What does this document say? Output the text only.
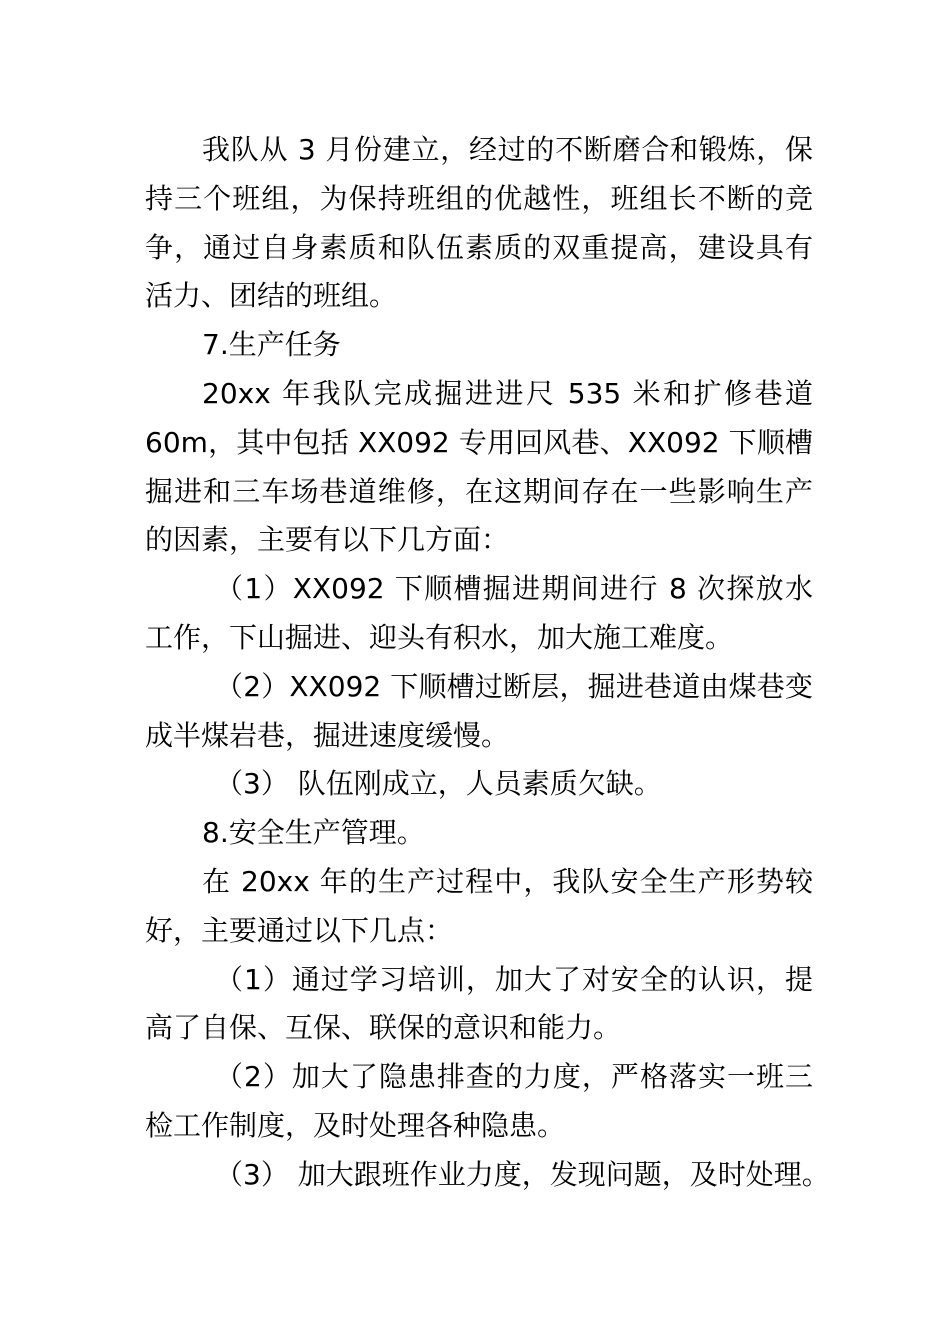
我队从 3 月份建立，经过的不断磨合和锻炼，保持三个班组，为保持班组的优越性，班组长不断的竞争，通过自身素质和队伍素质的双重提高，建设具有活力、团结的班组。

7.生产任务

20xx 年我队完成掘进进尺 535 米和扩修巷道 60m，其中包括 XX092 专用回风巷、XX092 下顺槽掘进和三车场巷道维修，在这期间存在一些影响生产的因素，主要有以下几方面：

（1）XX092 下顺槽掘进期间进行 8 次探放水工作，下山掘进、迎头有积水，加大施工难度。

（2）XX092 下顺槽过断层，掘进巷道由煤巷变成半煤岩巷，掘进速度缓慢。

（3） 队伍刚成立，人员素质欠缺。

8.安全生产管理。

在 20xx 年的生产过程中，我队安全生产形势较好，主要通过以下几点：

（1）通过学习培训，加大了对安全的认识，提高了自保、互保、联保的意识和能力。

（2）加大了隐患排查的力度，严格落实一班三检工作制度，及时处理各种隐患。

（3） 加大跟班作业力度，发现问题，及时处理。
